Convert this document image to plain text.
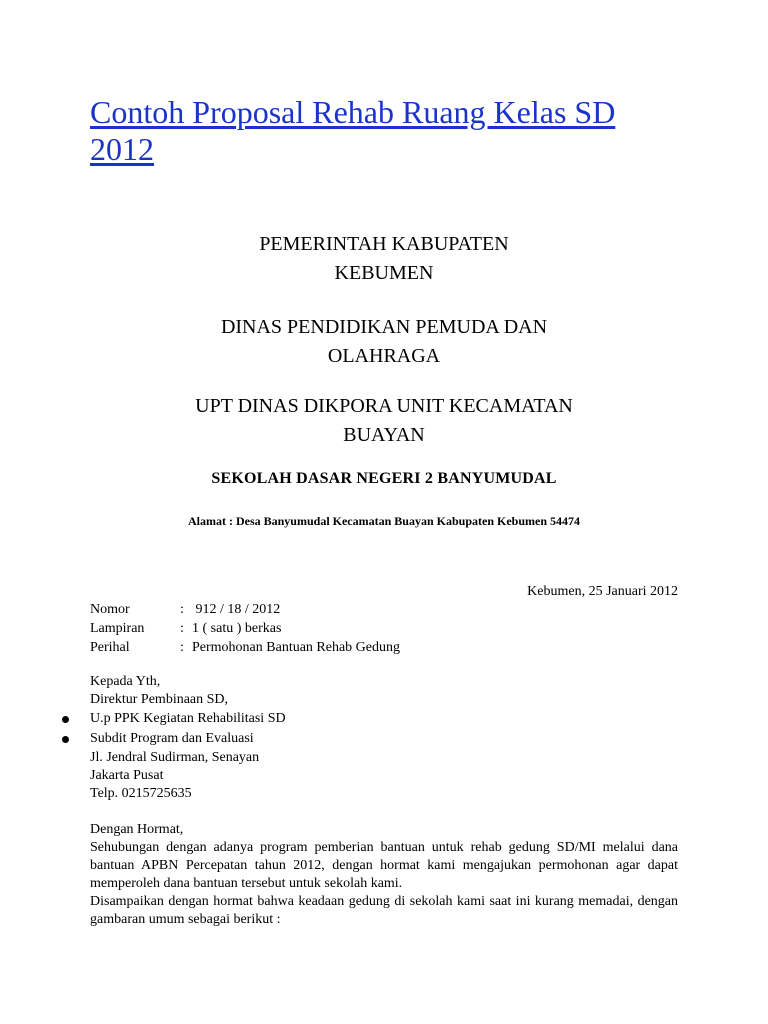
Contoh Proposal Rehab Ruang Kelas SD 2012
PEMERINTAH KABUPATEN
KEBUMEN
DINAS PENDIDIKAN PEMUDA DAN
OLAHRAGA
UPT DINAS DIKPORA UNIT KECAMATAN
BUAYAN
SEKOLAH DASAR NEGERI 2 BANYUMUDAL
Alamat : Desa Banyumudal Kecamatan Buayan Kabupaten Kebumen 54474
Kebumen, 25 Januari 2012
Nomor	: 912 / 18 / 2012
Lampiran	: 1 ( satu ) berkas
Perihal	: Permohonan Bantuan Rehab Gedung
Kepada Yth,
Direktur Pembinaan SD,
U.p PPK Kegiatan Rehabilitasi SD
Subdit Program dan Evaluasi
Jl. Jendral Sudirman, Senayan
Jakarta Pusat
Telp. 0215725635
Dengan Hormat,
Sehubungan dengan adanya program pemberian bantuan untuk rehab gedung SD/MI melalui dana bantuan APBN Percepatan tahun 2012, dengan hormat kami mengajukan permohonan agar dapat memperoleh dana bantuan tersebut untuk sekolah kami.
Disampaikan dengan hormat bahwa keadaan gedung di sekolah kami saat ini kurang memadai, dengan gambaran umum sebagai berikut :
